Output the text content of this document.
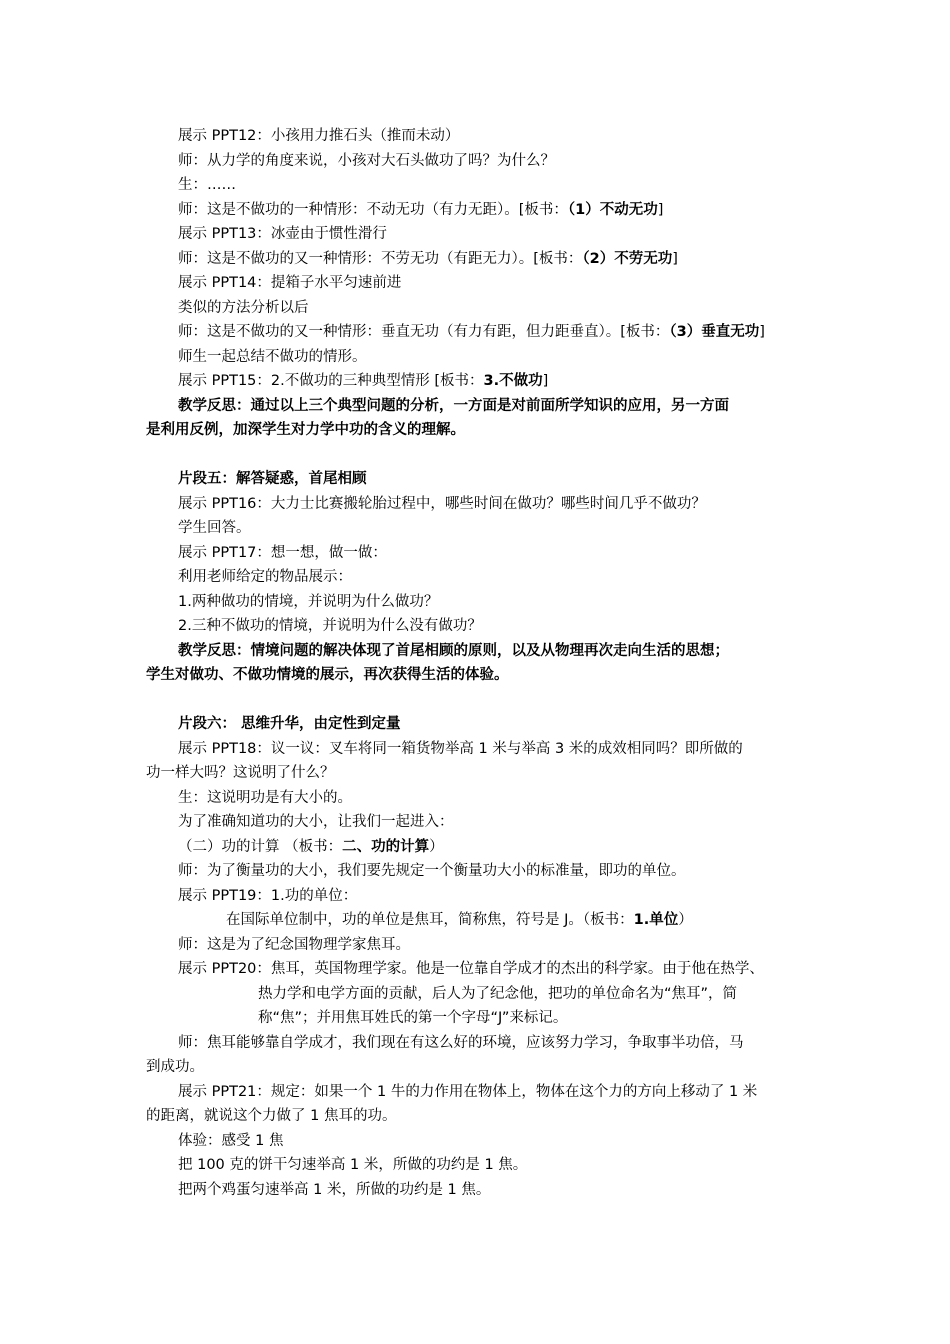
展示 PPT12：小孩用力推石头（推而未动）

师：从力学的角度来说，小孩对大石头做功了吗？为什么？

生：……

师：这是不做功的一种情形：不动无功（有力无距）。[板书：（1）不动无功]

展示 PPT13：冰壶由于惯性滑行

师：这是不做功的又一种情形：不劳无功（有距无力）。[板书：（2）不劳无功]

展示 PPT14：提箱子水平匀速前进

类似的方法分析以后

师：这是不做功的又一种情形：垂直无功（有力有距，但力距垂直）。[板书：（3）垂直无功]

师生一起总结不做功的情形。

展示 PPT15：2.不做功的三种典型情形 [板书：3.不做功]

教学反思：通过以上三个典型问题的分析，一方面是对前面所学知识的应用，另一方面

是利用反例，加深学生对力学中功的含义的理解。

片段五：解答疑惑，首尾相顾

展示 PPT16：大力士比赛搬轮胎过程中，哪些时间在做功？哪些时间几乎不做功？

学生回答。

展示 PPT17：想一想，做一做：

利用老师给定的物品展示：

1.两种做功的情境，并说明为什么做功？

2.三种不做功的情境，并说明为什么没有做功？

教学反思：情境问题的解决体现了首尾相顾的原则，以及从物理再次走向生活的思想；

学生对做功、不做功情境的展示，再次获得生活的体验。

片段六： 思维升华，由定性到定量

展示 PPT18：议一议：叉车将同一箱货物举高 1 米与举高 3 米的成效相同吗？即所做的

功一样大吗？这说明了什么？

生：这说明功是有大小的。

为了准确知道功的大小，让我们一起进入：

（二）功的计算 （板书：二、功的计算）

师：为了衡量功的大小，我们要先规定一个衡量功大小的标准量，即功的单位。

展示 PPT19：1.功的单位：

在国际单位制中，功的单位是焦耳，简称焦，符号是 J。（板书：1.单位）

师：这是为了纪念国物理学家焦耳。

展示 PPT20：焦耳，英国物理学家。他是一位靠自学成才的杰出的科学家。由于他在热学、

热力学和电学方面的贡献，后人为了纪念他，把功的单位命名为“焦耳”，简

称“焦”；并用焦耳姓氏的第一个字母“J”来标记。

师：焦耳能够靠自学成才，我们现在有这么好的环境，应该努力学习，争取事半功倍，马

到成功。

展示 PPT21：规定：如果一个 1 牛的力作用在物体上，物体在这个力的方向上移动了 1 米

的距离，就说这个力做了 1 焦耳的功。

体验：感受 1 焦

把 100 克的饼干匀速举高 1 米，所做的功约是 1 焦。

把两个鸡蛋匀速举高 1 米，所做的功约是 1 焦。
